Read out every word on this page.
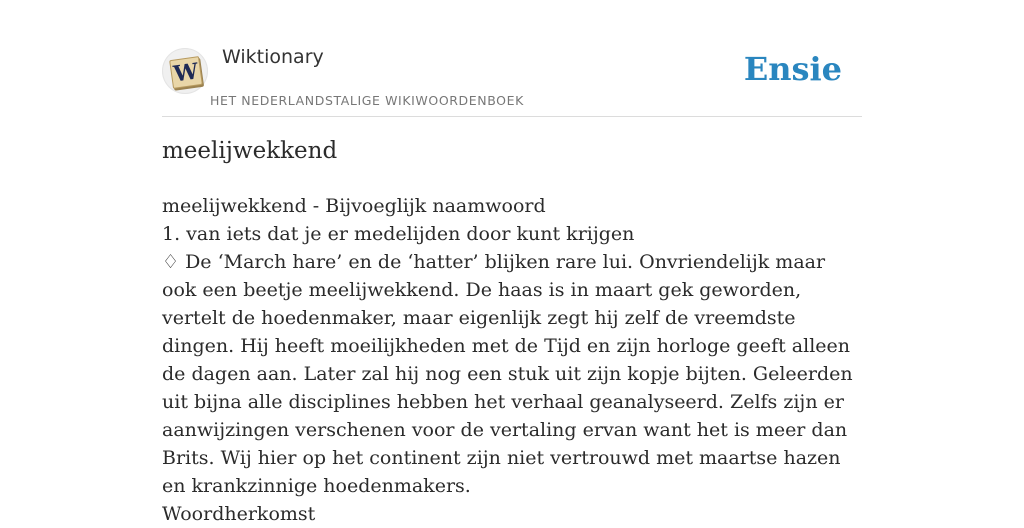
W
Wiktionary
HET NEDERLANDSTALIGE WIKIWOORDENBOEK
Ensie
meelijwekkend

meelijwekkend - Bijvoeglijk naamwoord

1. van iets dat je er medelijden door kunt krijgen

♢ De ‘March hare’ en de ‘hatter’ blijken rare lui. Onvriendelijk maar ook een beetje meelijwekkend. De haas is in maart gek geworden, vertelt de hoedenmaker, maar eigenlijk zegt hij zelf de vreemdste dingen. Hij heeft moeilijkheden met de Tijd en zijn horloge geeft alleen de dagen aan. Later zal hij nog een stuk uit zijn kopje bijten. Geleerden uit bijna alle disciplines hebben het verhaal geanalyseerd. Zelfs zijn er aanwijzingen verschenen voor de vertaling ervan want het is meer dan Brits. Wij hier op het continent zijn niet vertrouwd met maartse hazen en krankzinnige hoedenmakers.

Woordherkomst
